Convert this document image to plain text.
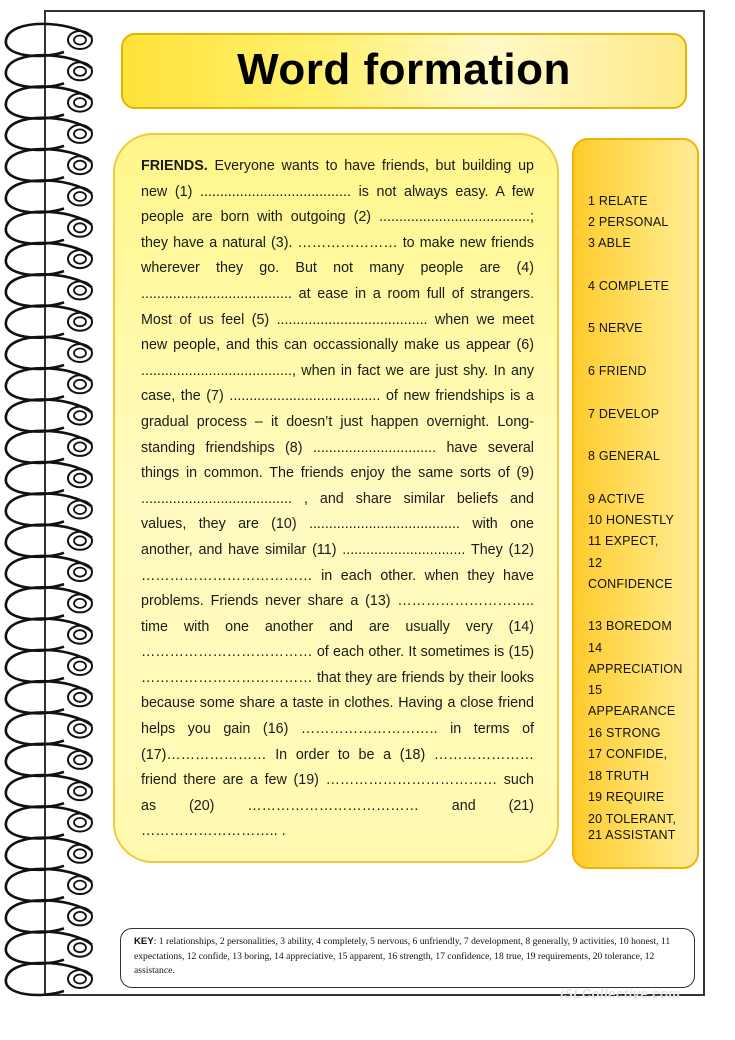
Word formation
FRIENDS. Everyone wants to have friends, but building up new (1) ...................................... is not always easy. A few people are born with outgoing (2) ......................................; they have a natural (3). ………………… to make new friends wherever they go. But not many people are (4) ...................................... at ease in a room full of strangers. Most of us feel (5) ...................................... when we meet new people, and this can occassionally make us appear (6) ......................................, when in fact we are just shy. In any case, the (7) ...................................... of new friendships is a gradual process – it doesn’t just happen overnight. Long-standing friendships (8) ............................... have several things in common. The friends enjoy the same sorts of (9) ...................................... , and share similar beliefs and values, they are (10) ...................................... with one another, and have similar (11) ............................... They (12) ……………………………… in each other. when they have problems. Friends never share a (13) ……………………….. time with one another and are usually very (14) ……………………………… of each other. It sometimes is (15) ……………………………… that they are friends by their looks because some share a taste in clothes. Having a close friend helps you gain (16) ……………………….. in terms of (17)………………… In order to be a (18) ………………… friend there are a few (19) ……………………………… such as (20) ……………………………… and (21) ……………………….. .
1 RELATE
2 PERSONAL
3 ABLE
4 COMPLETE
5 NERVE
6 FRIEND
7 DEVELOP
8 GENERAL
9 ACTIVE
10 HONESTLY
11 EXPECT,
12
CONFIDENCE
13 BOREDOM
14
APPRECIATION
15
APPEARANCE
16 STRONG
17 CONFIDE,
18 TRUTH
19 REQUIRE
20 TOLERANT,
21 ASSISTANT
KEY: 1 relationships, 2 personalities, 3 ability, 4 completely, 5 nervous, 6 unfriendly, 7 development, 8 generally, 9 activities, 10 honest, 11 expectations, 12 confide, 13 boring, 14 appreciative, 15 apparent, 16 strength, 17 confidence, 18 true, 19 requirements, 20 tolerance, 12 assistance.
iSLCollective.com
